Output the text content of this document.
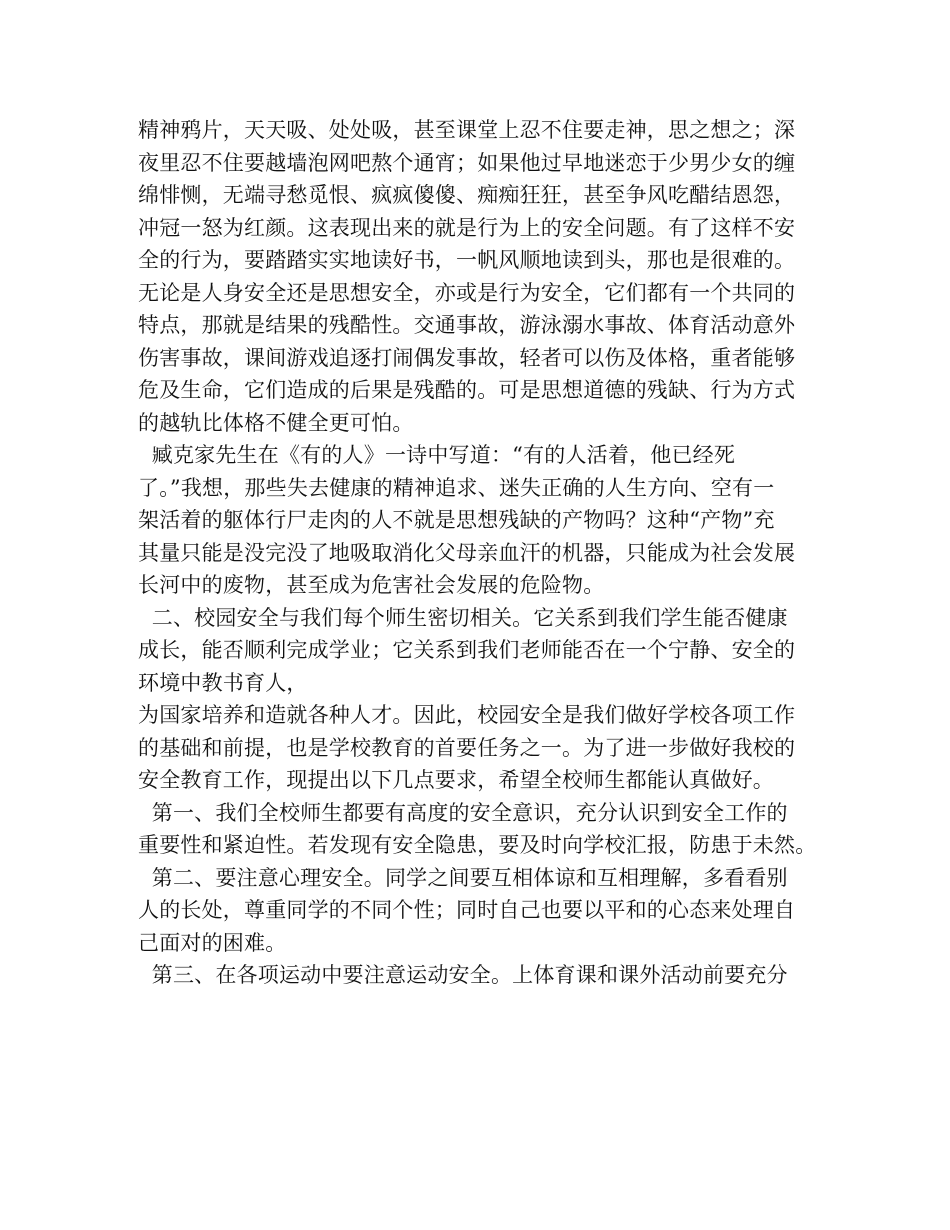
精神鸦片，天天吸、处处吸，甚至课堂上忍不住要走神，思之想之；深
夜里忍不住要越墙泡网吧熬个通宵；如果他过早地迷恋于少男少女的缠
绵悱恻，无端寻愁觅恨、疯疯傻傻、痴痴狂狂，甚至争风吃醋结恩怨，
冲冠一怒为红颜。这表现出来的就是行为上的安全问题。有了这样不安
全的行为，要踏踏实实地读好书，一帆风顺地读到头，那也是很难的。
无论是人身安全还是思想安全，亦或是行为安全，它们都有一个共同的
特点，那就是结果的残酷性。交通事故，游泳溺水事故、体育活动意外
伤害事故，课间游戏追逐打闹偶发事故，轻者可以伤及体格，重者能够
危及生命，它们造成的后果是残酷的。可是思想道德的残缺、行为方式
的越轨比体格不健全更可怕。
臧克家先生在《有的人》一诗中写道：“有的人活着，他已经死
了。”我想，那些失去健康的精神追求、迷失正确的人生方向、空有一
架活着的躯体行尸走肉的人不就是思想残缺的产物吗？这种“产物”充
其量只能是没完没了地吸取消化父母亲血汗的机器，只能成为社会发展
长河中的废物，甚至成为危害社会发展的危险物。
二、校园安全与我们每个师生密切相关。它关系到我们学生能否健康
成长，能否顺利完成学业；它关系到我们老师能否在一个宁静、安全的
环境中教书育人，
为国家培养和造就各种人才。因此，校园安全是我们做好学校各项工作
的基础和前提，也是学校教育的首要任务之一。为了进一步做好我校的
安全教育工作，现提出以下几点要求，希望全校师生都能认真做好。
第一、我们全校师生都要有高度的安全意识，充分认识到安全工作的
重要性和紧迫性。若发现有安全隐患，要及时向学校汇报，防患于未然。
第二、要注意心理安全。同学之间要互相体谅和互相理解，多看看别
人的长处，尊重同学的不同个性；同时自己也要以平和的心态来处理自
己面对的困难。
第三、在各项运动中要注意运动安全。上体育课和课外活动前要充分
